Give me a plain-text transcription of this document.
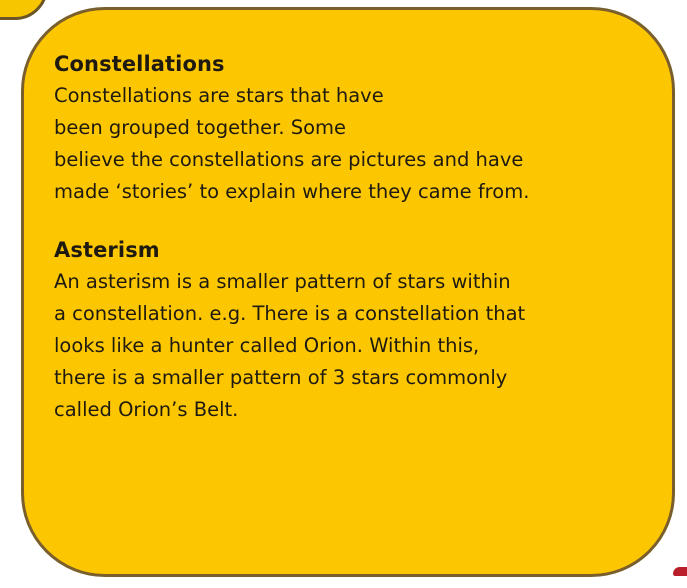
Constellations

Constellations are stars that have
been grouped together. Some
believe the constellations are pictures and have
made ‘stories’ to explain where they came from.

Asterism

An asterism is a smaller pattern of stars within
a constellation. e.g. There is a constellation that
looks like a hunter called Orion. Within this,
there is a smaller pattern of 3 stars commonly
called Orion’s Belt.
